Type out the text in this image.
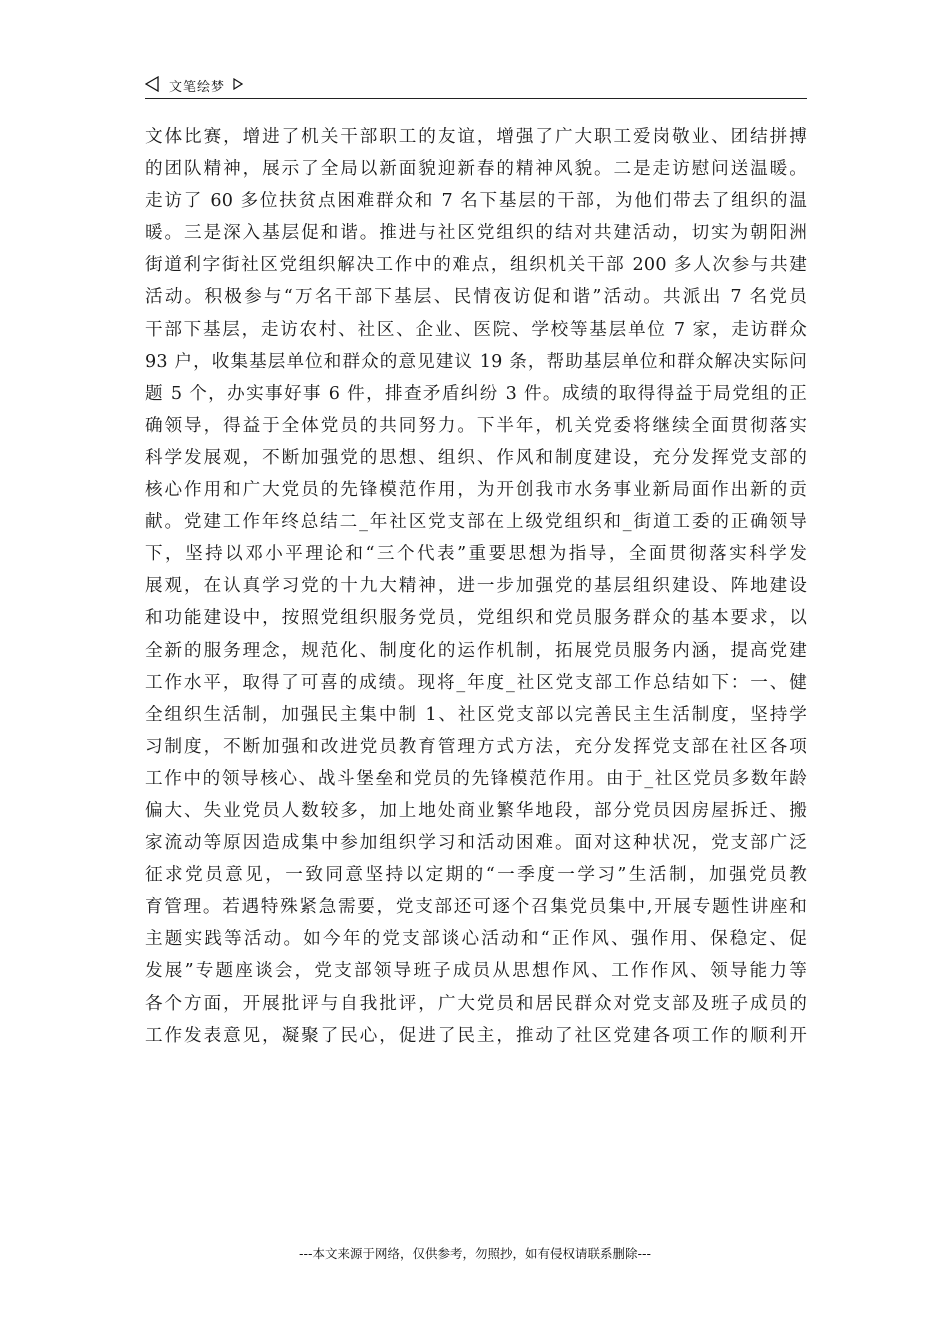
文笔绘梦
文体比赛，增进了机关干部职工的友谊，增强了广大职工爱岗敬业、团结拼搏
的团队精神，展示了全局以新面貌迎新春的精神风貌。二是走访慰问送温暖。
走访了 60 多位扶贫点困难群众和 7 名下基层的干部，为他们带去了组织的温
暖。三是深入基层促和谐。推进与社区党组织的结对共建活动，切实为朝阳洲
街道利字街社区党组织解决工作中的难点，组织机关干部 200 多人次参与共建
活动。积极参与“万名干部下基层、民情夜访促和谐”活动。共派出 7 名党员
干部下基层，走访农村、社区、企业、医院、学校等基层单位 7 家，走访群众
93 户，收集基层单位和群众的意见建议 19 条，帮助基层单位和群众解决实际问
题 5 个，办实事好事 6 件，排查矛盾纠纷 3 件。成绩的取得得益于局党组的正
确领导，得益于全体党员的共同努力。下半年，机关党委将继续全面贯彻落实
科学发展观，不断加强党的思想、组织、作风和制度建设，充分发挥党支部的
核心作用和广大党员的先锋模范作用，为开创我市水务事业新局面作出新的贡
献。党建工作年终总结二_年社区党支部在上级党组织和_街道工委的正确领导
下，坚持以邓小平理论和“三个代表”重要思想为指导，全面贯彻落实科学发
展观，在认真学习党的十九大精神，进一步加强党的基层组织建设、阵地建设
和功能建设中，按照党组织服务党员，党组织和党员服务群众的基本要求，以
全新的服务理念，规范化、制度化的运作机制，拓展党员服务内涵，提高党建
工作水平，取得了可喜的成绩。现将_年度_社区党支部工作总结如下：一、健
全组织生活制，加强民主集中制 1、社区党支部以完善民主生活制度，坚持学
习制度，不断加强和改进党员教育管理方式方法，充分发挥党支部在社区各项
工作中的领导核心、战斗堡垒和党员的先锋模范作用。由于_社区党员多数年龄
偏大、失业党员人数较多，加上地处商业繁华地段，部分党员因房屋拆迁、搬
家流动等原因造成集中参加组织学习和活动困难。面对这种状况，党支部广泛
征求党员意见，一致同意坚持以定期的“一季度一学习”生活制，加强党员教
育管理。若遇特殊紧急需要，党支部还可逐个召集党员集中,开展专题性讲座和
主题实践等活动。如今年的党支部谈心活动和“正作风、强作用、保稳定、促
发展”专题座谈会，党支部领导班子成员从思想作风、工作作风、领导能力等
各个方面，开展批评与自我批评，广大党员和居民群众对党支部及班子成员的
工作发表意见，凝聚了民心，促进了民主，推动了社区党建各项工作的顺利开
---本文来源于网络，仅供参考，勿照抄，如有侵权请联系删除---
